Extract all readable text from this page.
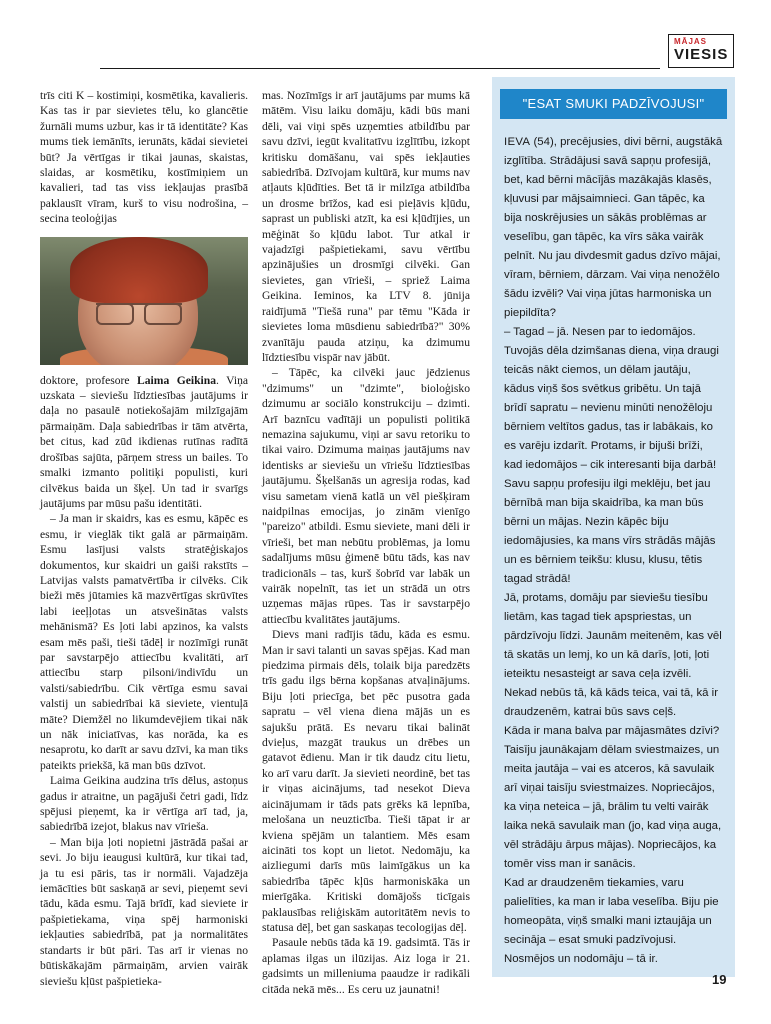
MĀJAS
VIESIS

trīs citi K – kostimiņi, kosmētika, kavalieris. Kas tas ir par sievietes tēlu, ko glancētie žurnāli mums uzbur, kas ir tā identitāte? Kas mums tiek iemānīts, ierunāts, kādai sievietei būt? Ja vērtīgas ir tikai jaunas, skaistas, slaidas, ar kosmētiku, kostīmiņiem un kavalieri, tad tas viss iekļaujas prasībā paklausīt vīram, kurš to visu nodrošina, – secina teoloģijas

doktore, profesore Laima Geikina. Viņa uzskata – sieviešu līdztiesības jautājums ir daļa no pasaulē notiekošajām milzīgajām pārmaiņām. Daļa sabiedrības ir tām atvērta, bet citus, kad zūd ikdienas rutīnas radītā drošības sajūta, pārņem stress un bailes. To smalki izmanto politiķi populisti, kuri cilvēkus baida un šķeļ. Un tad ir svarīgs jautājums par mūsu pašu identitāti.

– Ja man ir skaidrs, kas es esmu, kāpēc es esmu, ir vieglāk tikt galā ar pārmaiņām. Esmu lasījusi valsts stratēģiskajos dokumentos, kur skaidri un gaiši rakstīts – Latvijas valsts pamatvērtība ir cilvēks. Cik bieži mēs jūtamies kā mazvērtīgas skrūvītes labi ieeļļotas un atsvešinātas valsts mehānismā? Es ļoti labi apzinos, ka valsts esam mēs paši, tieši tādēļ ir nozīmīgi runāt par savstarpējo attiecību kvalitāti, arī attiecību starp pilsoni/indivīdu un valsti/sabiedrību. Cik vērtīga esmu savai valstij un sabiedrībai kā sieviete, vientuļā māte? Diemžēl no likumdevējiem tikai nāk un nāk iniciatīvas, kas norāda, ka es nesaprotu, ko darīt ar savu dzīvi, ka man tiks pateikts priekšā, kā man būs dzīvot.

Laima Geikina audzina trīs dēlus, astoņus gadus ir atraitne, un pagājuši četri gadi, līdz spējusi pieņemt, ka ir vērtīga arī tad, ja, sabiedrībā izejot, blakus nav vīrieša.

– Man bija ļoti nopietni jāstrādā pašai ar sevi. Jo biju ieaugusi kultūrā, kur tikai tad, ja tu esi pāris, tas ir normāli. Vajadzēja iemācīties būt saskaņā ar sevi, pieņemt sevi tādu, kāda esmu. Tajā brīdī, kad sieviete ir pašpietiekama, viņa spēj harmoniski iekļauties sabiedrībā, pat ja normalitātes standarts ir būt pāri. Tas arī ir vienas no būtiskākajām pārmaiņām, arvien vairāk sieviešu kļūst pašpietieka-

mas. Nozīmīgs ir arī jautājums par mums kā mātēm. Visu laiku domāju, kādi būs mani dēli, vai viņi spēs uzņemties atbildību par savu dzīvi, iegūt kvalitatīvu izglītību, izkopt kritisku domāšanu, vai spēs iekļauties sabiedrībā. Dzīvojam kultūrā, kur mums nav atļauts kļūdīties. Bet tā ir milzīga atbildība un drosme brīžos, kad esi pieļāvis kļūdu, saprast un publiski atzīt, ka esi kļūdījies, un mēģināt šo kļūdu labot. Tur atkal ir vajadzīgi pašpietiekami, savu vērtību apzinājušies un drosmīgi cilvēki. Gan sievietes, gan vīrieši, – spriež Laima Geikina. Ieminos, ka LTV 8. jūnija raidījumā "Tiešā runa" par tēmu "Kāda ir sievietes loma mūsdienu sabiedrībā?" 30% zvanītāju pauda atziņu, ka dzimumu līdztiesību vispār nav jābūt.

– Tāpēc, ka cilvēki jauc jēdzienus "dzimums" un "dzimte", bioloģisko dzimumu ar sociālo konstrukciju – dzimti. Arī baznīcu vadītāji un populisti politikā nemazina sajukumu, viņi ar savu retoriku to tikai vairo. Dzimuma maiņas jautājums nav identisks ar sieviešu un vīriešu līdztiesības jautājumu. Šķelšanās un agresija rodas, kad visu sametam vienā katlā un vēl piešķiram naidpilnas emocijas, jo zinām vienīgo "pareizo" atbildi. Esmu sieviete, mani dēli ir vīrieši, bet man nebūtu problēmas, ja lomu sadalījums mūsu ģimenē būtu tāds, kas nav tradicionāls – tas, kurš šobrīd var labāk un vairāk nopelnīt, tas iet un strādā un otrs uzņemas mājas rūpes. Tas ir savstarpējo attiecību kvalitātes jautājums.

Dievs mani radījis tādu, kāda es esmu. Man ir savi talanti un savas spējas. Kad man piedzima pirmais dēls, tolaik bija paredzēts trīs gadu ilgs bērna kopšanas atvaļinājums. Biju ļoti priecīga, bet pēc pusotra gada sapratu – vēl viena diena mājās un es sajukšu prātā. Es nevaru tikai balināt dvieļus, mazgāt traukus un drēbes un gatavot ēdienu. Man ir tik daudz citu lietu, ko arī varu darīt. Ja sievieti neordinē, bet tas ir viņas aicinājums, tad nesekot Dieva aicinājumam ir tāds pats grēks kā lepnība, melošana un neuzticība. Tieši tāpat ir ar kviena spējām un talantiem. Mēs esam aicināti tos kopt un lietot. Nedomāju, ka aizliegumi darīs mūs laimīgākus un ka sabiedrība tāpēc kļūs harmoniskāka un mierīgāka. Kritiski domājošs ticīgais paklausības reliģiskām autoritātēm nevis to statusa dēļ, bet gan saskaņas tecologijas dēļ.

Pasaule nebūs tāda kā 19. gadsimtā. Tās ir aplamas ilgas un ilūzijas. Aiz loga ir 21. gadsimts un milleniuma paaudze ir radikāli citāda nekā mēs... Es ceru uz jaunatni!

"ESAT SMUKI PADZĪVOJUSI"

IEVA (54), precējusies, divi bērni, augstākā izglītība. Strādājusi savā sapņu profesijā, bet, kad bērni mācījās mazākajās klasēs, kļuvusi par mājsaimnieci. Gan tāpēc, ka bija noskrējusies un sākās problēmas ar veselību, gan tāpēc, ka vīrs sāka vairāk pelnīt. Nu jau divdesmit gadus dzīvo mājai, vīram, bērniem, dārzam. Vai viņa nenožēlo šādu izvēli? Vai viņa jūtas harmoniska un piepildīta?

– Tagad – jā. Nesen par to iedomājos. Tuvojās dēla dzimšanas diena, viņa draugi teicās nākt ciemos, un dēlam jautāju, kādus viņš šos svētkus gribētu. Un tajā brīdī sapratu – nevienu minūti nenožēloju bērniem veltītos gadus, tas ir labākais, ko es varēju izdarīt. Protams, ir bijuši brīži, kad iedomājos – cik interesanti bija darbā! Savu sapņu profesiju ilgi meklēju, bet jau bērnībā man bija skaidrība, ka man būs bērni un mājas. Nezin kāpēc biju iedomājusies, ka mans vīrs strādās mājās un es bērniem teikšu: klusu, klusu, tētis tagad strādā!

Jā, protams, domāju par sieviešu tiesību lietām, kas tagad tiek apspriestas, un pārdzīvoju līdzi. Jaunām meitenēm, kas vēl tā skatās un lemj, ko un kā darīs, ļoti, ļoti ieteiktu nesasteigt ar sava ceļa izvēli. Nekad nebūs tā, kā kāds teica, vai tā, kā ir draudzenēm, katrai būs savs ceļš.

Kāda ir mana balva par mājasmātes dzīvi? Taisīju jaunākajam dēlam sviestmaizes, un meita jautāja – vai es atceros, kā savulaik arī viņai taisīju sviestmaizes. Nopriecājos, ka viņa neteica – jā, brālim tu velti vairāk laika nekā savulaik man (jo, kad viņa auga, vēl strādāju ārpus mājas). Nopriecājos, ka tomēr viss man ir sanācis.

Kad ar draudzenēm tiekamies, varu palielīties, ka man ir laba veselība. Biju pie homeopāta, viņš smalki mani iztaujāja un secināja – esat smuki padzīvojusi. Nosmējos un nodomāju – tā ir.

19
